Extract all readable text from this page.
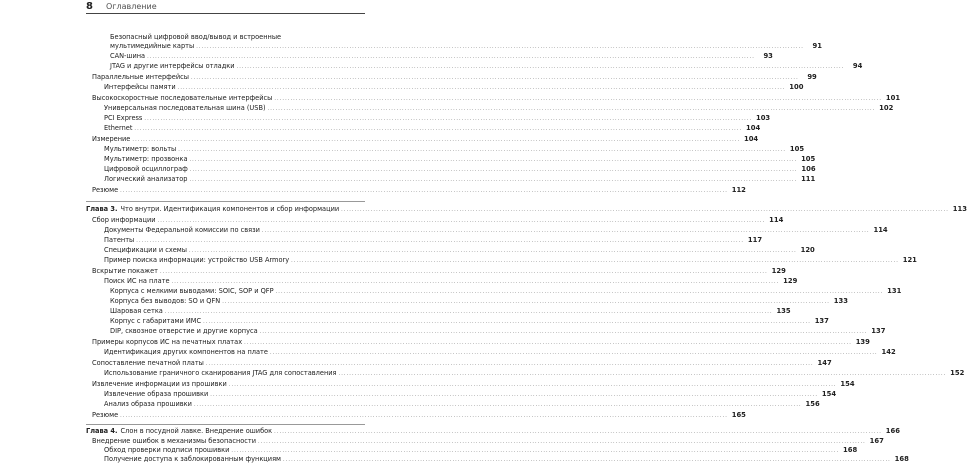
8	Оглавление
Безопасный цифровой ввод/вывод и встроенные
мультимедийные карты .....	91
CAN-шина .....	93
JTAG и другие интерфейсы отладки .....	94
Параллельные интерфейсы .....	99
Интерфейсы памяти .....	100
Высокоскоростные последовательные интерфейсы .....	101
Универсальная последовательная шина (USB) .....	102
PCI Express .....	103
Ethernet .....	104
Измерение .....	104
Мультиметр: вольты .....	105
Мультиметр: прозвонка .....	105
Цифровой осциллограф .....	106
Логический анализатор .....	111
Резюме .....	112
Глава 3. Что внутри. Идентификация компонентов и сбор информации .....	113
Сбор информации .....	114
Документы Федеральной комиссии по связи .....	114
Патенты .....	117
Спецификации и схемы .....	120
Пример поиска информации: устройство USB Armory .....	121
Вскрытие покажет .....	129
Поиск ИС на плате .....	129
Корпуса с мелкими выводами: SOIC, SOP и QFP .....	131
Корпуса без выводов: SO и QFN .....	133
Шаровая сетка .....	135
Корпус с габаритами ИМС .....	137
DIP, сквозное отверстие и другие корпуса .....	137
Примеры корпусов ИС на печатных платах .....	139
Идентификация других компонентов на плате .....	142
Сопоставление печатной платы .....	147
Использование граничного сканирования JTAG для сопоставления .....	152
Извлечение информации из прошивки .....	154
Извлечение образа прошивки .....	154
Анализ образа прошивки .....	156
Резюме .....	165
Глава 4. Слон в посудной лавке. Внедрение ошибок .....	166
Внедрение ошибок в механизмы безопасности .....	167
Обход проверки подписи прошивки .....	168
Получение доступа к заблокированным функциям .....	168
